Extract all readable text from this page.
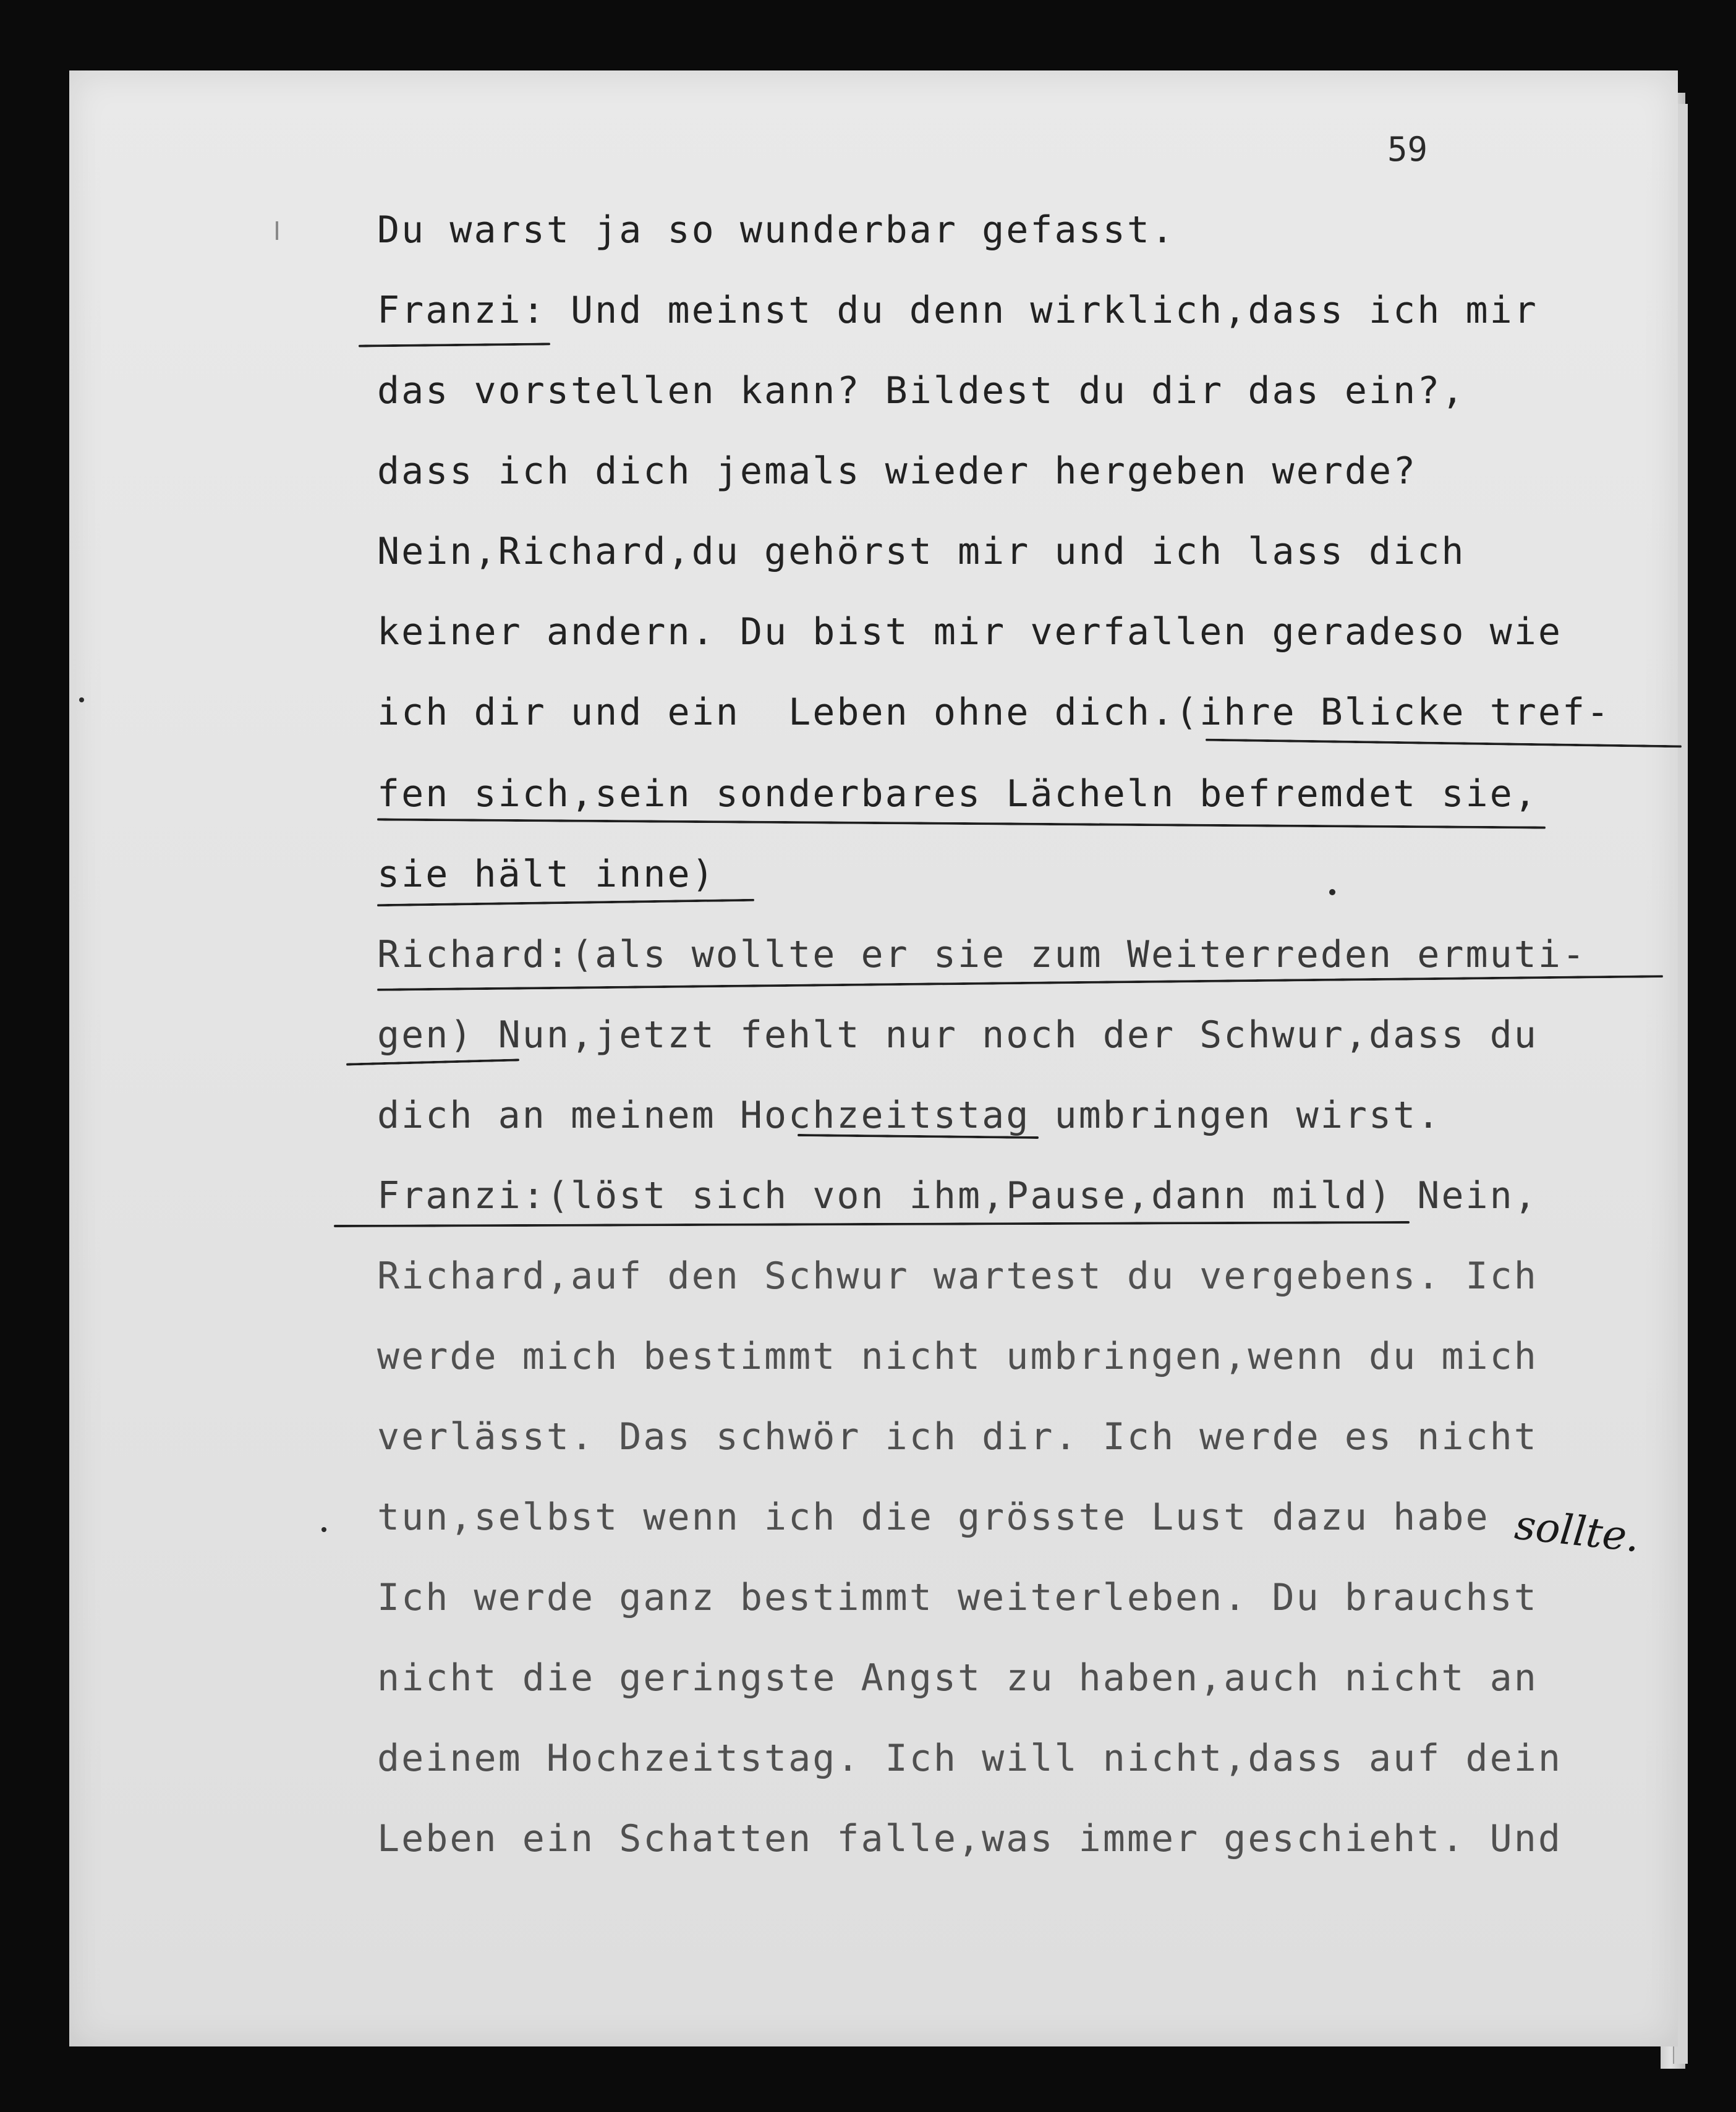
59
Du warst ja so wunderbar gefasst.
Franzi: Und meinst du denn wirklich,dass ich mir
das vorstellen kann? Bildest du dir das ein?,
dass ich dich jemals wieder hergeben werde?
Nein,Richard,du gehörst mir und ich lass dich
keiner andern. Du bist mir verfallen geradeso wie
ich dir und ein  Leben ohne dich.(ihre Blicke tref-
fen sich,sein sonderbares Lächeln befremdet sie,
sie hält inne)
Richard:(als wollte er sie zum Weiterreden ermuti-
gen) Nun,jetzt fehlt nur noch der Schwur,dass du
dich an meinem Hochzeitstag umbringen wirst.
Franzi:(löst sich von ihm,Pause,dann mild) Nein,
Richard,auf den Schwur wartest du vergebens. Ich
werde mich bestimmt nicht umbringen,wenn du mich
verlässt. Das schwör ich dir. Ich werde es nicht
tun,selbst wenn ich die grösste Lust dazu habe
Ich werde ganz bestimmt weiterleben. Du brauchst
nicht die geringste Angst zu haben,auch nicht an
deinem Hochzeitstag. Ich will nicht,dass auf dein
Leben ein Schatten falle,was immer geschieht. Und
sollte.
